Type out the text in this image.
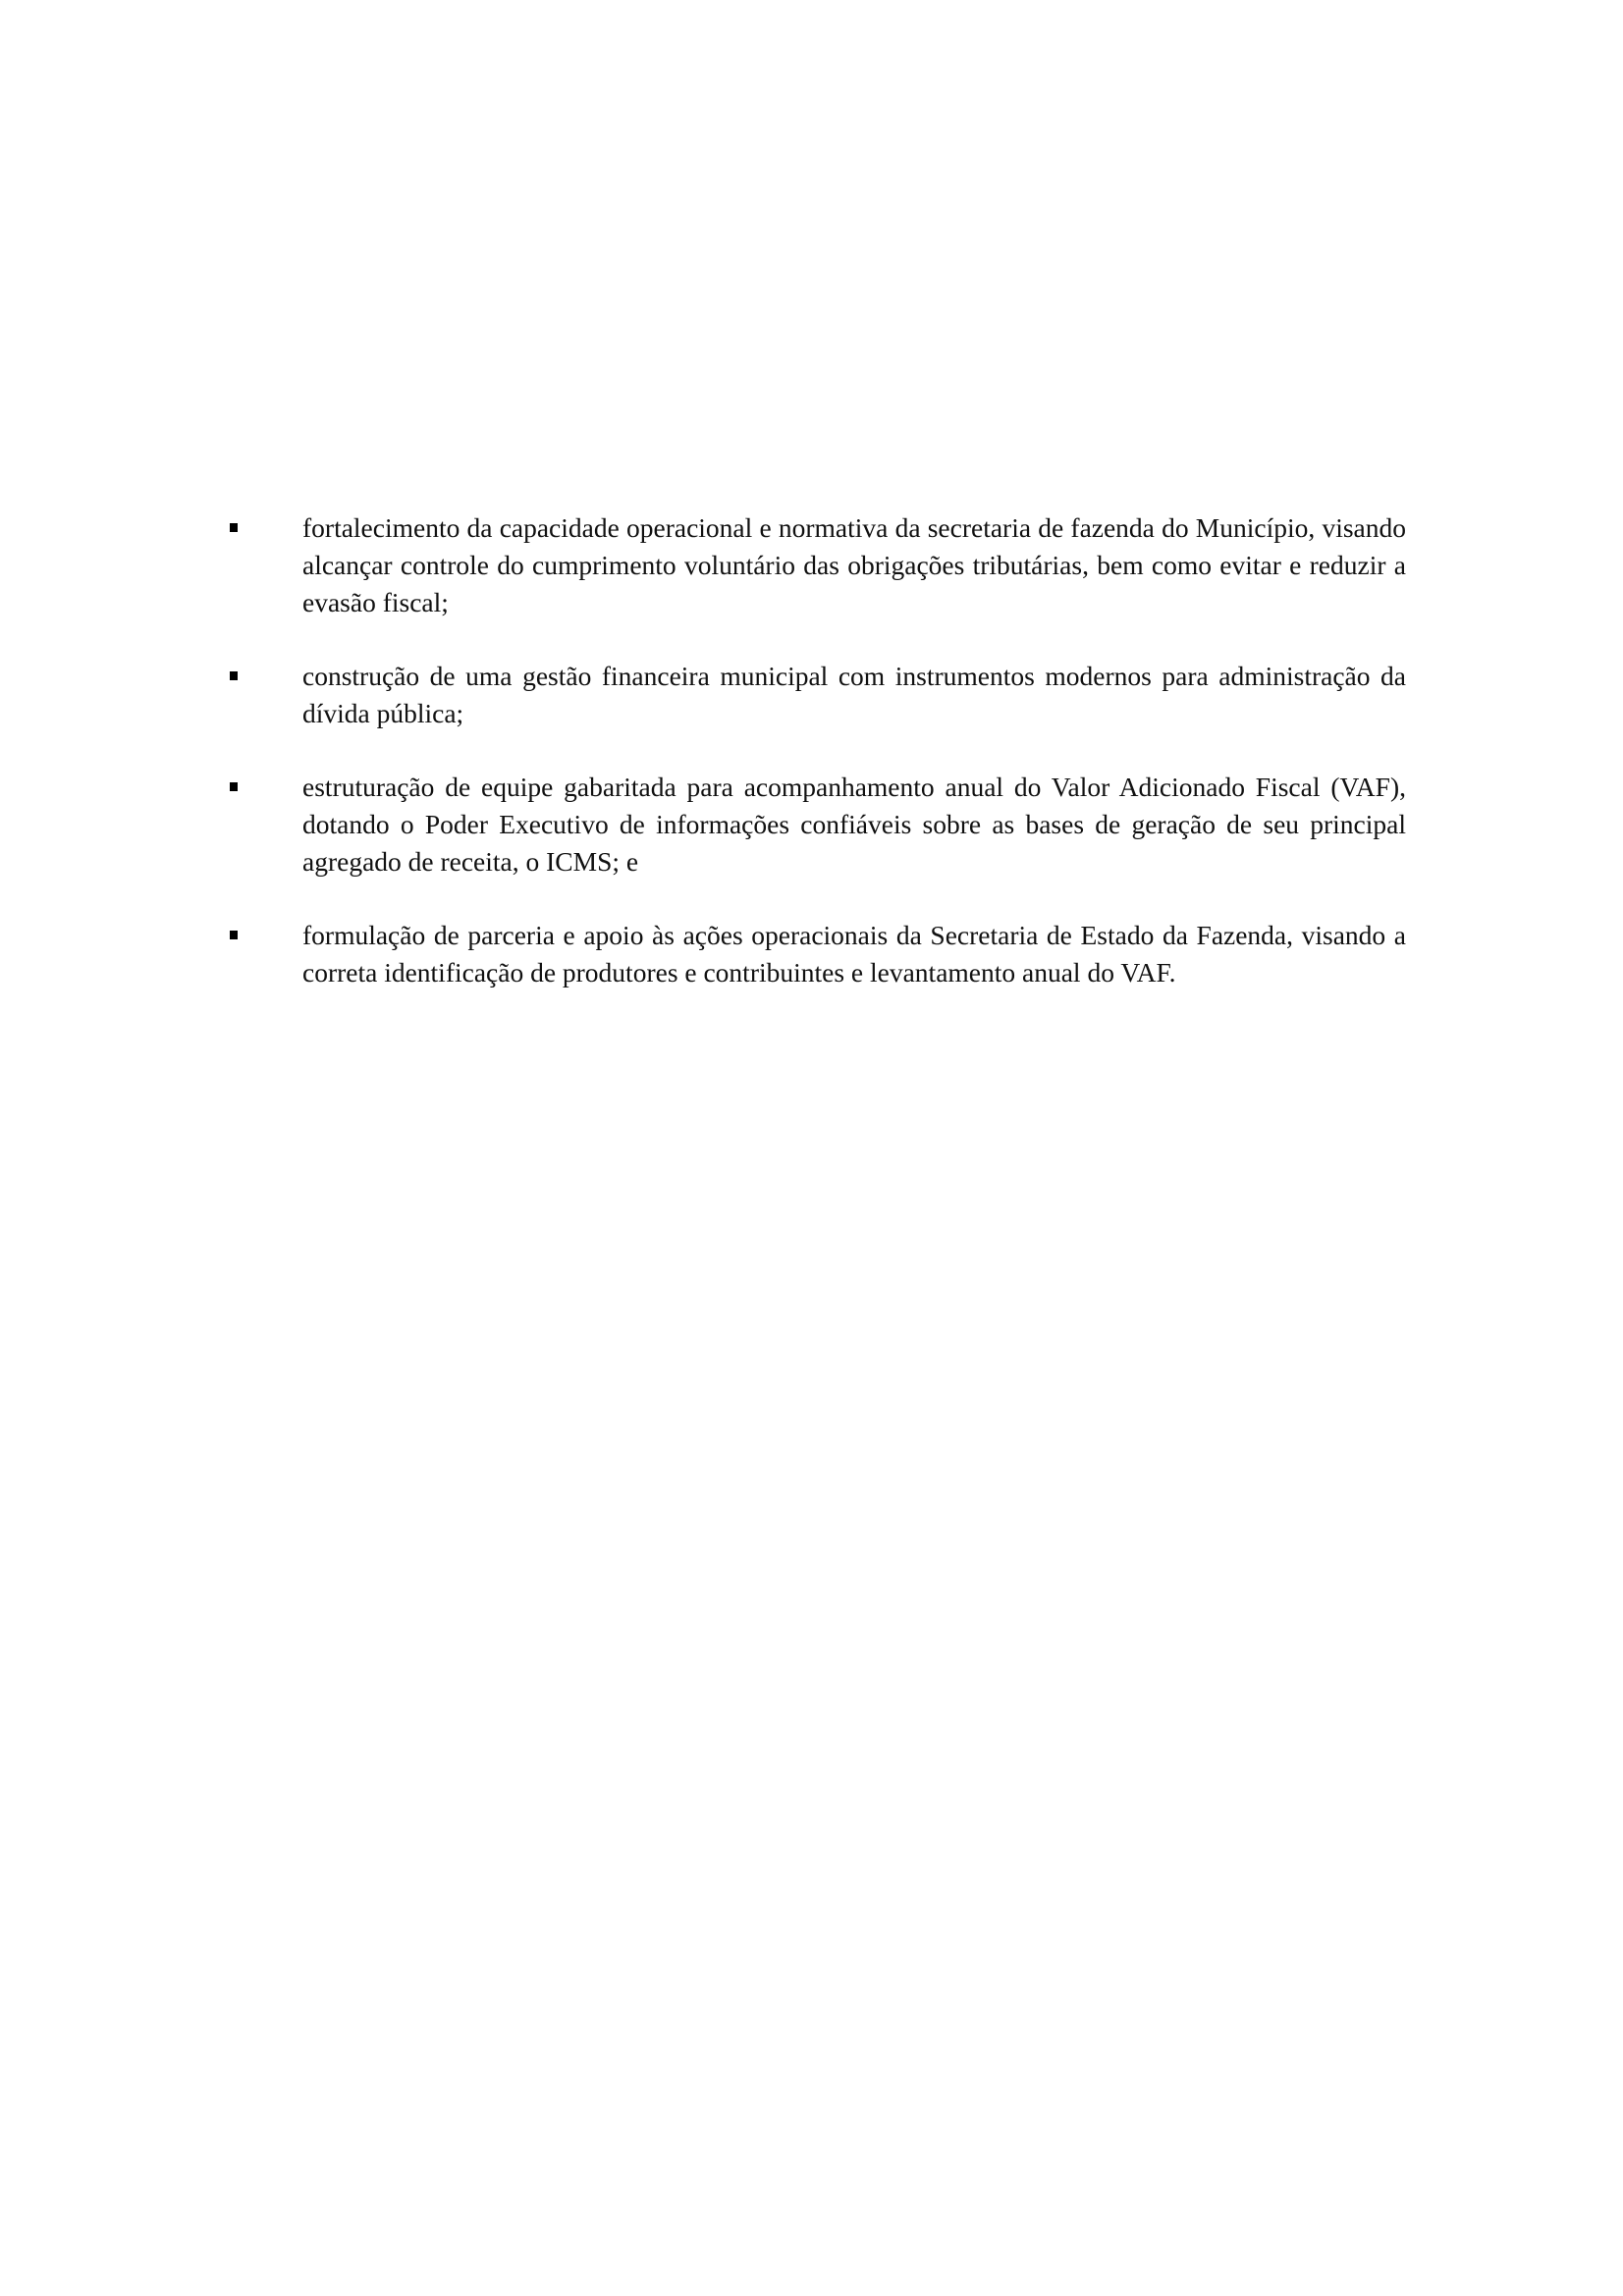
fortalecimento da capacidade operacional e normativa da secretaria de fazenda do Município, visando alcançar controle do cumprimento voluntário das obrigações tributárias, bem como evitar e reduzir a evasão fiscal;
construção de uma gestão financeira municipal com instrumentos modernos para administração da dívida pública;
estruturação de equipe gabaritada para acompanhamento anual do Valor Adicionado Fiscal (VAF), dotando o Poder Executivo de informações confiáveis sobre as bases de geração de seu principal agregado de receita, o ICMS; e
formulação de parceria e apoio às ações operacionais da Secretaria de Estado da Fazenda, visando a correta identificação de produtores e contribuintes e levantamento anual do VAF.
